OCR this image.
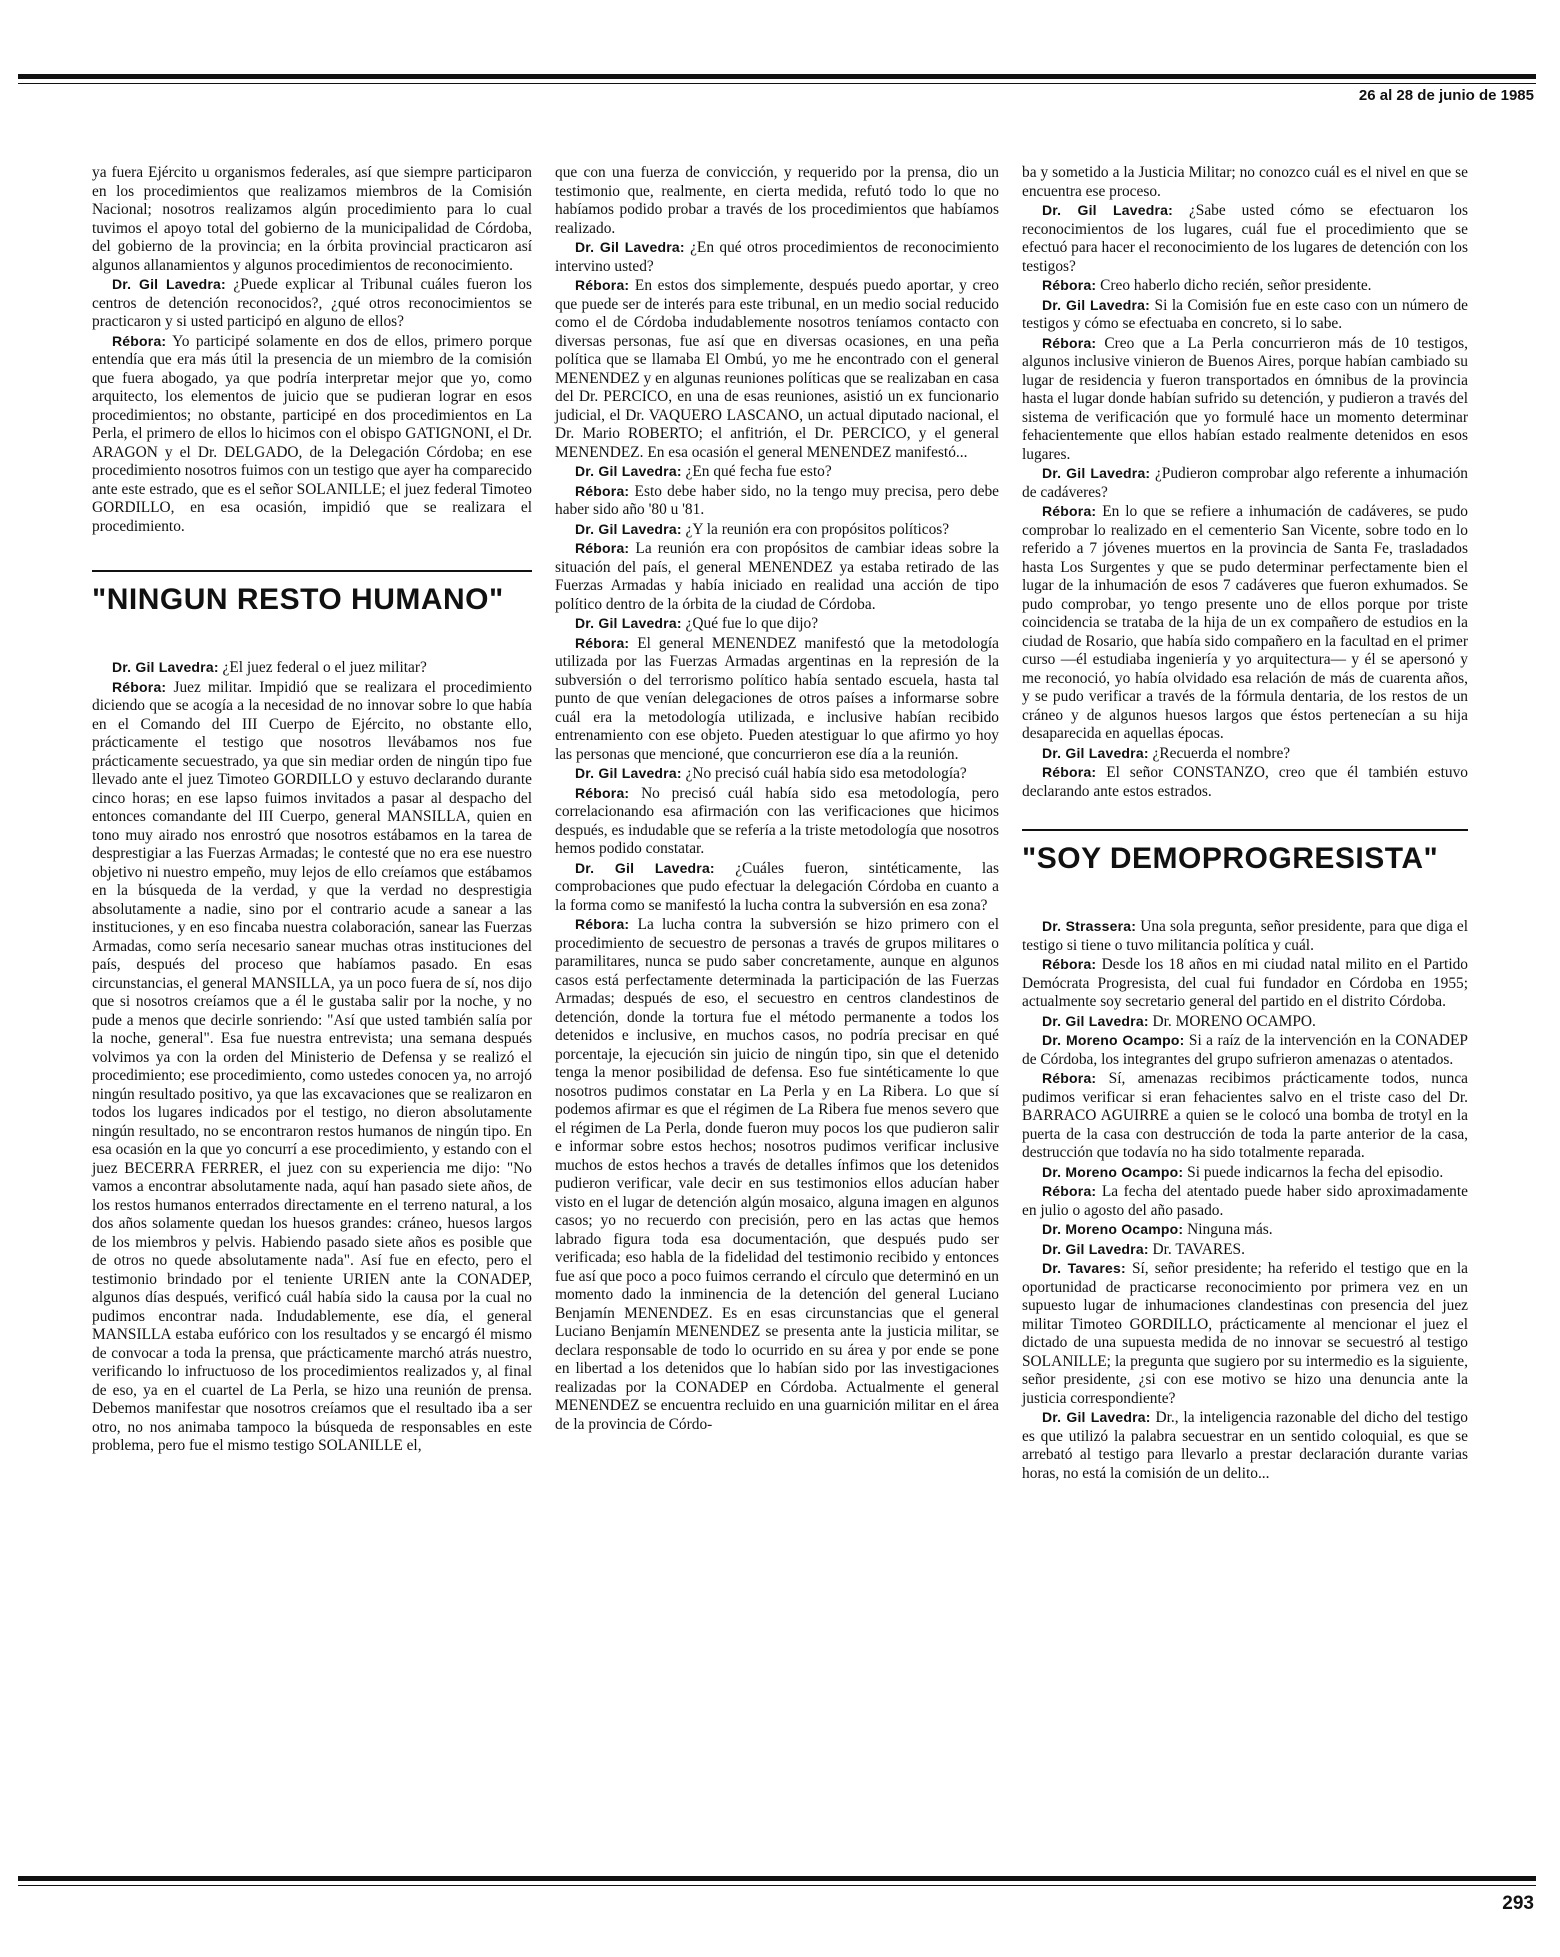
26 al 28 de junio de 1985

ya fuera Ejército u organismos federales, así que siempre participaron en los procedimientos que realizamos miembros de la Comisión Nacional; nosotros realizamos algún procedimiento para lo cual tuvimos el apoyo total del gobierno de la municipalidad de Córdoba, del gobierno de la provincia; en la órbita provincial practicaron así algunos allanamientos y algunos procedimientos de reconocimiento.

Dr. Gil Lavedra: ¿Puede explicar al Tribunal cuáles fueron los centros de detención reconocidos?, ¿qué otros reconocimientos se practicaron y si usted participó en alguno de ellos?

Rébora: Yo participé solamente en dos de ellos, primero porque entendía que era más útil la presencia de un miembro de la comisión que fuera abogado, ya que podría interpretar mejor que yo, como arquitecto, los elementos de juicio que se pudieran lograr en esos procedimientos; no obstante, participé en dos procedimientos en La Perla, el primero de ellos lo hicimos con el obispo GATIGNONI, el Dr. ARAGON y el Dr. DELGADO, de la Delegación Córdoba; en ese procedimiento nosotros fuimos con un testigo que ayer ha comparecido ante este estrado, que es el señor SOLANILLE; el juez federal Timoteo GORDILLO, en esa ocasión, impidió que se realizara el procedimiento.

"NINGUN RESTO HUMANO"

Dr. Gil Lavedra: ¿El juez federal o el juez militar?

Rébora: Juez militar. Impidió que se realizara el procedimiento diciendo que se acogía a la necesidad de no innovar sobre lo que había en el Comando del III Cuerpo de Ejército, no obstante ello, prácticamente el testigo que nosotros llevábamos nos fue prácticamente secuestrado, ya que sin mediar orden de ningún tipo fue llevado ante el juez Timoteo GORDILLO y estuvo declarando durante cinco horas; en ese lapso fuimos invitados a pasar al despacho del entonces comandante del III Cuerpo, general MANSILLA, quien en tono muy airado nos enrostró que nosotros estábamos en la tarea de desprestigiar a las Fuerzas Armadas; le contesté que no era ese nuestro objetivo ni nuestro empeño, muy lejos de ello creíamos que estábamos en la búsqueda de la verdad, y que la verdad no desprestigia absolutamente a nadie, sino por el contrario acude a sanear a las instituciones, y en eso fincaba nuestra colaboración, sanear las Fuerzas Armadas, como sería necesario sanear muchas otras instituciones del país, después del proceso que habíamos pasado. En esas circunstancias, el general MANSILLA, ya un poco fuera de sí, nos dijo que si nosotros creíamos que a él le gustaba salir por la noche, y no pude a menos que decirle sonriendo: "Así que usted también salía por la noche, general". Esa fue nuestra entrevista; una semana después volvimos ya con la orden del Ministerio de Defensa y se realizó el procedimiento; ese procedimiento, como ustedes conocen ya, no arrojó ningún resultado positivo, ya que las excavaciones que se realizaron en todos los lugares indicados por el testigo, no dieron absolutamente ningún resultado, no se encontraron restos humanos de ningún tipo. En esa ocasión en la que yo concurrí a ese procedimiento, y estando con el juez BECERRA FERRER, el juez con su experiencia me dijo: "No vamos a encontrar absolutamente nada, aquí han pasado siete años, de los restos humanos enterrados directamente en el terreno natural, a los dos años solamente quedan los huesos grandes: cráneo, huesos largos de los miembros y pelvis. Habiendo pasado siete años es posible que de otros no quede absolutamente nada". Así fue en efecto, pero el testimonio brindado por el teniente URIEN ante la CONADEP, algunos días después, verificó cuál había sido la causa por la cual no pudimos encontrar nada. Indudablemente, ese día, el general MANSILLA estaba eufórico con los resultados y se encargó él mismo de convocar a toda la prensa, que prácticamente marchó atrás nuestro, verificando lo infructuoso de los procedimientos realizados y, al final de eso, ya en el cuartel de La Perla, se hizo una reunión de prensa. Debemos manifestar que nosotros creíamos que el resultado iba a ser otro, no nos animaba tampoco la búsqueda de responsables en este problema, pero fue el mismo testigo SOLANILLE el,

que con una fuerza de convicción, y requerido por la prensa, dio un testimonio que, realmente, en cierta medida, refutó todo lo que no habíamos podido probar a través de los procedimientos que habíamos realizado.

Dr. Gil Lavedra: ¿En qué otros procedimientos de reconocimiento intervino usted?

Rébora: En estos dos simplemente, después puedo aportar, y creo que puede ser de interés para este tribunal, en un medio social reducido como el de Córdoba indudablemente nosotros teníamos contacto con diversas personas, fue así que en diversas ocasiones, en una peña política que se llamaba El Ombú, yo me he encontrado con el general MENENDEZ y en algunas reuniones políticas que se realizaban en casa del Dr. PERCICO, en una de esas reuniones, asistió un ex funcionario judicial, el Dr. VAQUERO LASCANO, un actual diputado nacional, el Dr. Mario ROBERTO; el anfitrión, el Dr. PERCICO, y el general MENENDEZ. En esa ocasión el general MENENDEZ manifestó...

Dr. Gil Lavedra: ¿En qué fecha fue esto?

Rébora: Esto debe haber sido, no la tengo muy precisa, pero debe haber sido año '80 u '81.

Dr. Gil Lavedra: ¿Y la reunión era con propósitos políticos?

Rébora: La reunión era con propósitos de cambiar ideas sobre la situación del país, el general MENENDEZ ya estaba retirado de las Fuerzas Armadas y había iniciado en realidad una acción de tipo político dentro de la órbita de la ciudad de Córdoba.

Dr. Gil Lavedra: ¿Qué fue lo que dijo?

Rébora: El general MENENDEZ manifestó que la metodología utilizada por las Fuerzas Armadas argentinas en la represión de la subversión o del terrorismo político había sentado escuela, hasta tal punto de que venían delegaciones de otros países a informarse sobre cuál era la metodología utilizada, e inclusive habían recibido entrenamiento con ese objeto. Pueden atestiguar lo que afirmo yo hoy las personas que mencioné, que concurrieron ese día a la reunión.

Dr. Gil Lavedra: ¿No precisó cuál había sido esa metodología?

Rébora: No precisó cuál había sido esa metodología, pero correlacionando esa afirmación con las verificaciones que hicimos después, es indudable que se refería a la triste metodología que nosotros hemos podido constatar.

Dr. Gil Lavedra: ¿Cuáles fueron, sintéticamente, las comprobaciones que pudo efectuar la delegación Córdoba en cuanto a la forma como se manifestó la lucha contra la subversión en esa zona?

Rébora: La lucha contra la subversión se hizo primero con el procedimiento de secuestro de personas a través de grupos militares o paramilitares, nunca se pudo saber concretamente, aunque en algunos casos está perfectamente determinada la participación de las Fuerzas Armadas; después de eso, el secuestro en centros clandestinos de detención, donde la tortura fue el método permanente a todos los detenidos e inclusive, en muchos casos, no podría precisar en qué porcentaje, la ejecución sin juicio de ningún tipo, sin que el detenido tenga la menor posibilidad de defensa. Eso fue sintéticamente lo que nosotros pudimos constatar en La Perla y en La Ribera. Lo que sí podemos afirmar es que el régimen de La Ribera fue menos severo que el régimen de La Perla, donde fueron muy pocos los que pudieron salir e informar sobre estos hechos; nosotros pudimos verificar inclusive muchos de estos hechos a través de detalles ínfimos que los detenidos pudieron verificar, vale decir en sus testimonios ellos aducían haber visto en el lugar de detención algún mosaico, alguna imagen en algunos casos; yo no recuerdo con precisión, pero en las actas que hemos labrado figura toda esa documentación, que después pudo ser verificada; eso habla de la fidelidad del testimonio recibido y entonces fue así que poco a poco fuimos cerrando el círculo que determinó en un momento dado la inminencia de la detención del general Luciano Benjamín MENENDEZ. Es en esas circunstancias que el general Luciano Benjamín MENENDEZ se presenta ante la justicia militar, se declara responsable de todo lo ocurrido en su área y por ende se pone en libertad a los detenidos que lo habían sido por las investigaciones realizadas por la CONADEP en Córdoba. Actualmente el general MENENDEZ se encuentra recluido en una guarnición militar en el área de la provincia de Córdo-

ba y sometido a la Justicia Militar; no conozco cuál es el nivel en que se encuentra ese proceso.

Dr. Gil Lavedra: ¿Sabe usted cómo se efectuaron los reconocimientos de los lugares, cuál fue el procedimiento que se efectuó para hacer el reconocimiento de los lugares de detención con los testigos?

Rébora: Creo haberlo dicho recién, señor presidente.

Dr. Gil Lavedra: Si la Comisión fue en este caso con un número de testigos y cómo se efectuaba en concreto, si lo sabe.

Rébora: Creo que a La Perla concurrieron más de 10 testigos, algunos inclusive vinieron de Buenos Aires, porque habían cambiado su lugar de residencia y fueron transportados en ómnibus de la provincia hasta el lugar donde habían sufrido su detención, y pudieron a través del sistema de verificación que yo formulé hace un momento determinar fehacientemente que ellos habían estado realmente detenidos en esos lugares.

Dr. Gil Lavedra: ¿Pudieron comprobar algo referente a inhumación de cadáveres?

Rébora: En lo que se refiere a inhumación de cadáveres, se pudo comprobar lo realizado en el cementerio San Vicente, sobre todo en lo referido a 7 jóvenes muertos en la provincia de Santa Fe, trasladados hasta Los Surgentes y que se pudo determinar perfectamente bien el lugar de la inhumación de esos 7 cadáveres que fueron exhumados. Se pudo comprobar, yo tengo presente uno de ellos porque por triste coincidencia se trataba de la hija de un ex compañero de estudios en la ciudad de Rosario, que había sido compañero en la facultad en el primer curso —él estudiaba ingeniería y yo arquitectura— y él se apersonó y me reconoció, yo había olvidado esa relación de más de cuarenta años, y se pudo verificar a través de la fórmula dentaria, de los restos de un cráneo y de algunos huesos largos que éstos pertenecían a su hija desaparecida en aquellas épocas.

Dr. Gil Lavedra: ¿Recuerda el nombre?

Rébora: El señor CONSTANZO, creo que él también estuvo declarando ante estos estrados.

"SOY DEMOPROGRESISTA"

Dr. Strassera: Una sola pregunta, señor presidente, para que diga el testigo si tiene o tuvo militancia política y cuál.

Rébora: Desde los 18 años en mi ciudad natal milito en el Partido Demócrata Progresista, del cual fui fundador en Córdoba en 1955; actualmente soy secretario general del partido en el distrito Córdoba.

Dr. Gil Lavedra: Dr. MORENO OCAMPO.

Dr. Moreno Ocampo: Si a raíz de la intervención en la CONADEP de Córdoba, los integrantes del grupo sufrieron amenazas o atentados.

Rébora: Sí, amenazas recibimos prácticamente todos, nunca pudimos verificar si eran fehacientes salvo en el triste caso del Dr. BARRACO AGUIRRE a quien se le colocó una bomba de trotyl en la puerta de la casa con destrucción de toda la parte anterior de la casa, destrucción que todavía no ha sido totalmente reparada.

Dr. Moreno Ocampo: Si puede indicarnos la fecha del episodio.

Rébora: La fecha del atentado puede haber sido aproximadamente en julio o agosto del año pasado.

Dr. Moreno Ocampo: Ninguna más.

Dr. Gil Lavedra: Dr. TAVARES.

Dr. Tavares: Sí, señor presidente; ha referido el testigo que en la oportunidad de practicarse reconocimiento por primera vez en un supuesto lugar de inhumaciones clandestinas con presencia del juez militar Timoteo GORDILLO, prácticamente al mencionar el juez el dictado de una supuesta medida de no innovar se secuestró al testigo SOLANILLE; la pregunta que sugiero por su intermedio es la siguiente, señor presidente, ¿si con ese motivo se hizo una denuncia ante la justicia correspondiente?

Dr. Gil Lavedra: Dr., la inteligencia razonable del dicho del testigo es que utilizó la palabra secuestrar en un sentido coloquial, es que se arrebató al testigo para llevarlo a prestar declaración durante varias horas, no está la comisión de un delito...

293
